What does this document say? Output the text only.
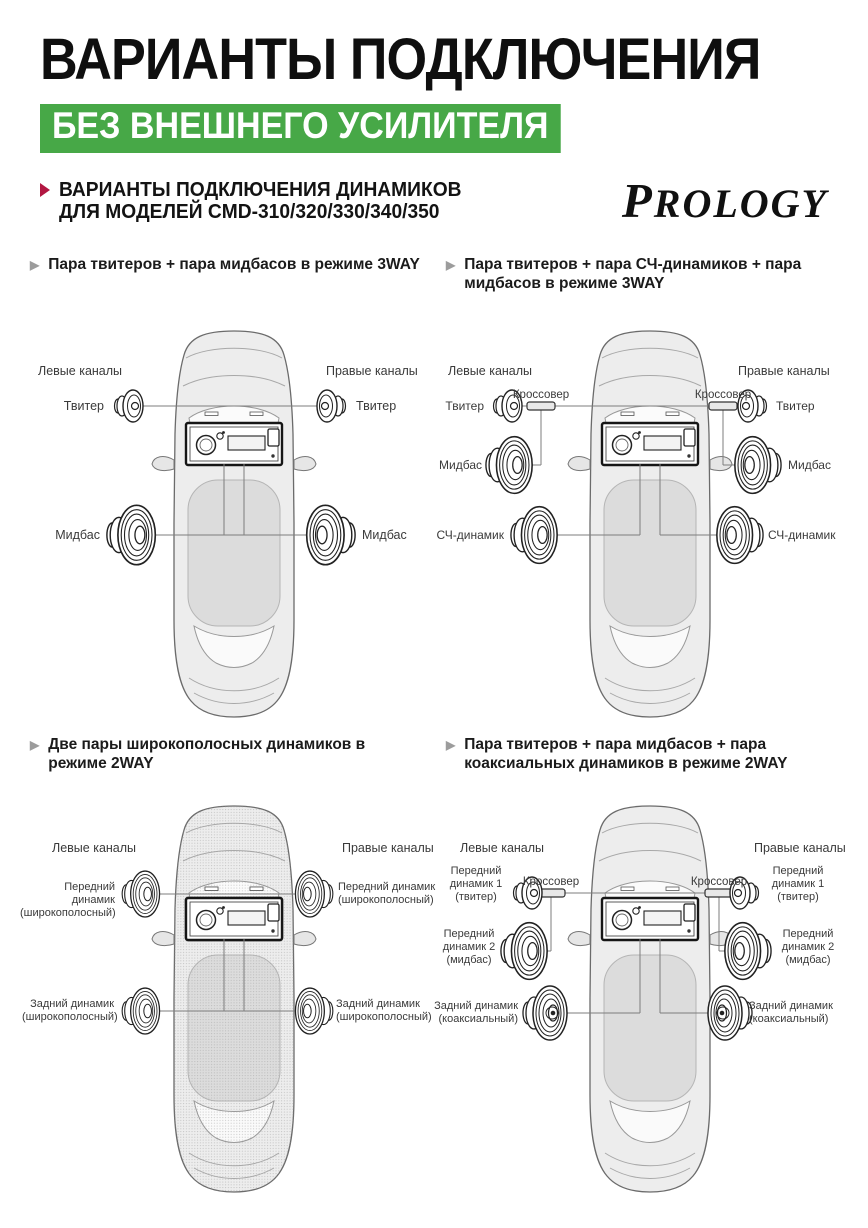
ВАРИАНТЫ ПОДКЛЮЧЕНИЯ
БЕЗ ВНЕШНЕГО УСИЛИТЕЛЯ
ВАРИАНТЫ ПОДКЛЮЧЕНИЯ ДИНАМИКОВ
ДЛЯ МОДЕЛЕЙ CMD-310/320/330/340/350	PROLOGY
▶ Пара твитеров + пара мидбасов в режиме 3WAY
Левые каналы	Правые каналы
Твитер	Твитер
Мидбас	Мидбас
▶ Пара твитеров + пара СЧ-динамиков + пара мидбасов в режиме 3WAY
Левые каналы	Правые каналы
Кроссовер	Кроссовер
Твитер	Твитер
Мидбас	Мидбас
СЧ-динамик	СЧ-динамик
▶ Две пары широкополосных динамиков в режиме 2WAY
Левые каналы	Правые каналы
Передний динамик (широкополосный)
Передний динамик (широкополосный)
Задний динамик (широкополосный)
Задний динамик (широкополосный)
▶ Пара твитеров + пара мидбасов + пара коаксиальных динамиков в режиме 2WAY
Левые каналы	Правые каналы
Кроссовер	Кроссовер
Передний динамик 1 (твитер)
Передний динамик 1 (твитер)
Передний динамик 2 (мидбас)
Передний динамик 2 (мидбас)
Задний динамик (коаксиальный)
Задний динамик (коаксиальный)
